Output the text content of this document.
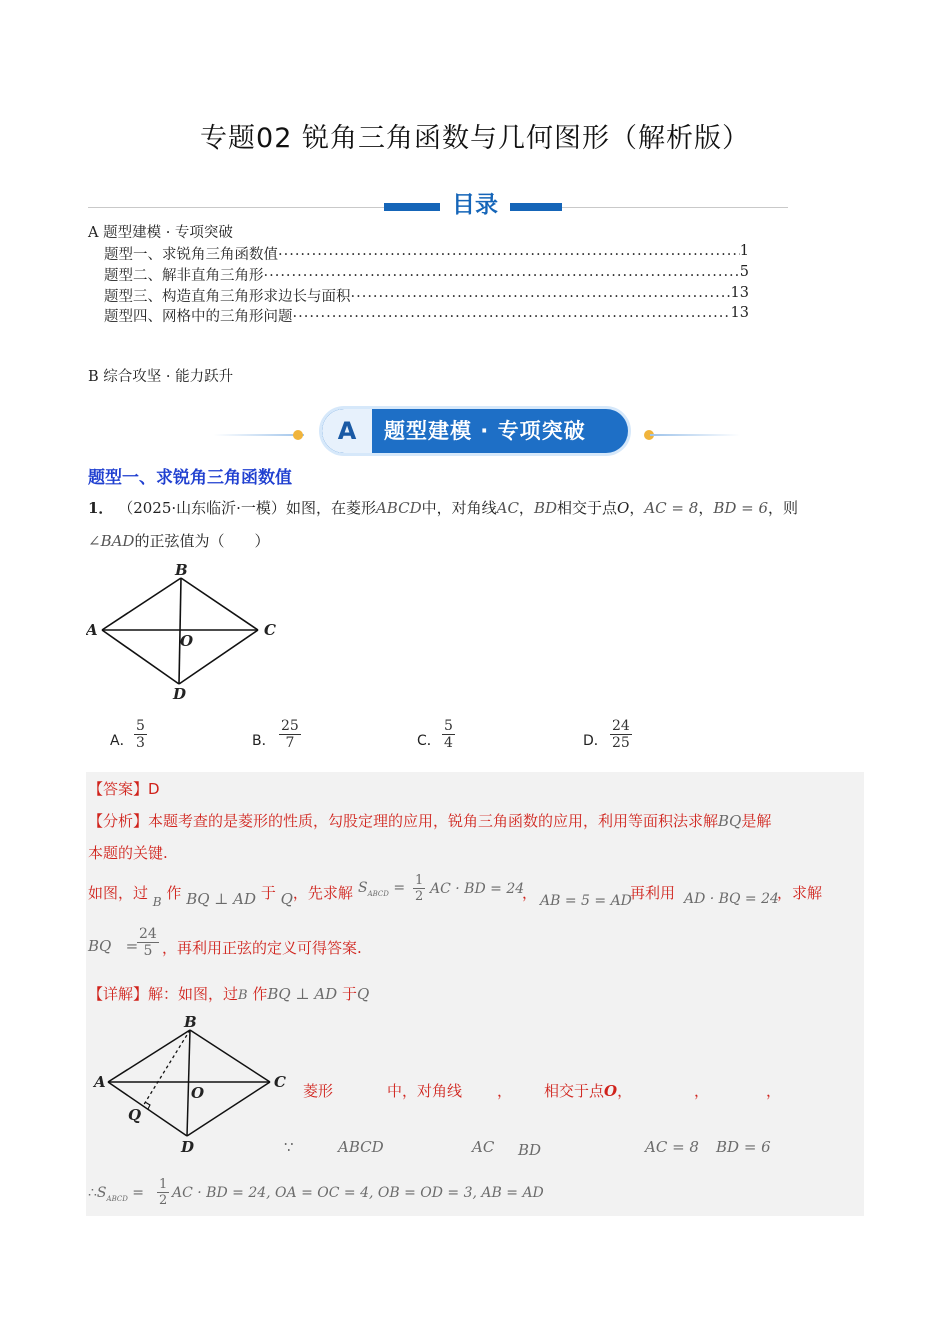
专题02 锐角三角函数与几何图形（解析版）
目录
A 题型建模 · 专项突破
题型一、求锐角三角函数值 .....	1
题型二、解非直角三角形 .....	5
题型三、构造直角三角形求边长与面积 .....	13
题型四、网格中的三角形问题 .....	13
B 综合攻坚 · 能力跃升
A	题型建模 · 专项突破
题型一、求锐角三角函数值
1． （2025·山东临沂·一模）如图，在菱形ABCD中，对角线AC，BD相交于点O，AC = 8，BD = 6，则
∠BAD的正弦值为（　　）
B
A	C
D
O
A． $\frac{5}{3}$	B． $\frac{25}{7}$	C． $\frac{5}{4}$	D． $\frac{24}{25}$
【答案】D
【分析】本题考查的是菱形的性质，勾股定理的应用，锐角三角函数的应用，利用等面积法求解BQ是解
本题的关键.
如图，过 $_B$ 作 BQ ⊥ AD 于 Q，先求解 $S_{ABCD} = \frac{1}{2}$ AC · BD = 24
， AB = 5 = AD
再利用 AD · BQ = 24
，求解
BQ =
$\frac{24}{5}$ ，再利用正弦的定义可得答案.
【详解】解：如图，过B 作BQ ⊥ AD 于Q
B
A	C
D
O
Q
菱形	中，对角线 ， 相交于点O，	，	，
∵	ABCD	AC BD	AC = 8 BD = 6
$\therefore S_{ABCD} = \frac{1}{2}$ AC · BD = 24, OA = OC = 4, OB = OD = 3, AB = AD
